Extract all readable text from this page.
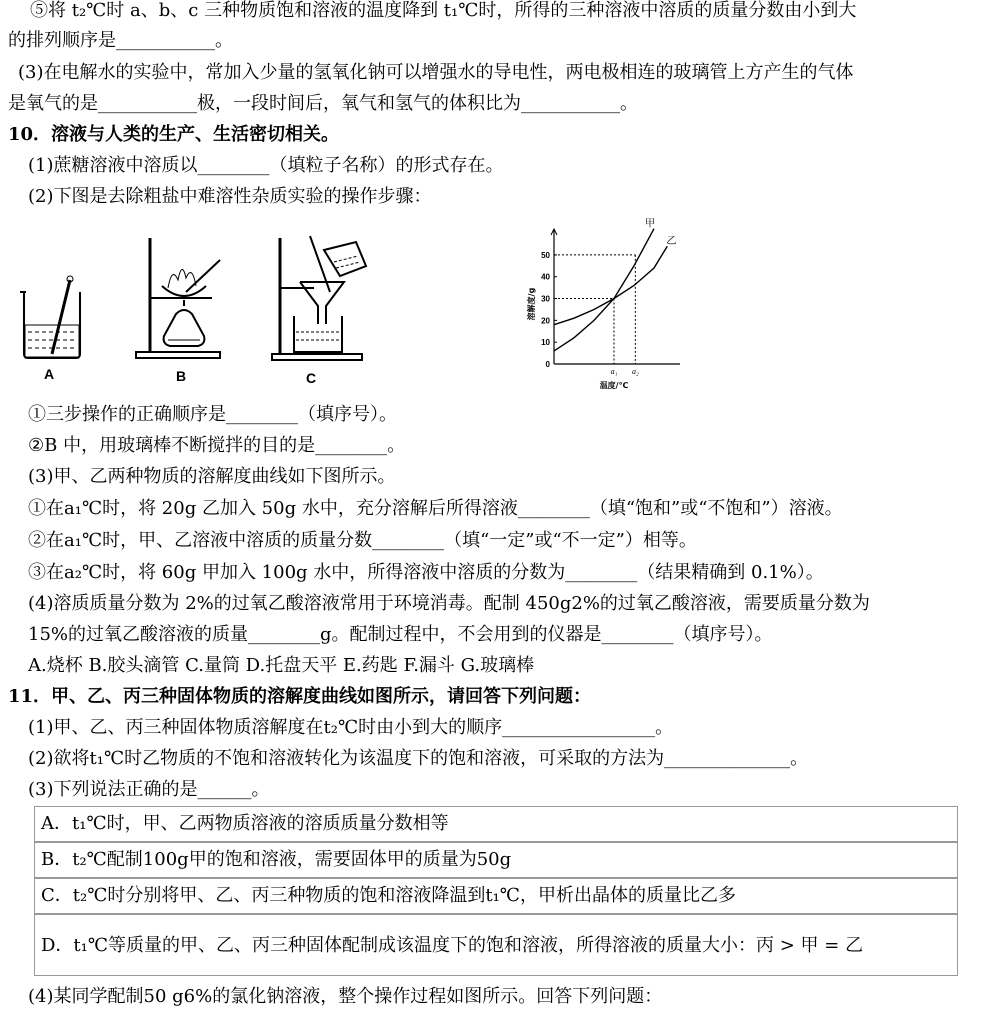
⑤将 t₂℃时 a、b、c 三种物质饱和溶液的温度降到 t₁℃时，所得的三种溶液中溶质的质量分数由小到大
的排列顺序是___________。
(3)在电解水的实验中，常加入少量的氢氧化钠可以增强水的导电性，两电极相连的玻璃管上方产生的气体
是氧气的是___________极，一段时间后，氧气和氢气的体积比为___________。
10．溶液与人类的生产、生活密切相关。
(1)蔗糖溶液中溶质以________（填粒子名称）的形式存在。
(2)下图是去除粗盐中难溶性杂质实验的操作步骤：
A	B	C
0
10
20
30
40
50
a₁ a₂
甲
乙
温度/℃
溶解度/g
①三步操作的正确顺序是________（填序号）。
②B 中，用玻璃棒不断搅拌的目的是________。
(3)甲、乙两种物质的溶解度曲线如下图所示。
①在a₁℃时，将 20g 乙加入 50g 水中，充分溶解后所得溶液________（填“饱和”或“不饱和”）溶液。
②在a₁℃时，甲、乙溶液中溶质的质量分数________（填“一定”或“不一定”）相等。
③在a₂℃时，将 60g 甲加入 100g 水中，所得溶液中溶质的分数为________（结果精确到 0.1%）。
(4)溶质质量分数为 2%的过氧乙酸溶液常用于环境消毒。配制 450g2%的过氧乙酸溶液，需要质量分数为
15%的过氧乙酸溶液的质量________g。配制过程中，不会用到的仪器是________（填序号）。
A.烧杯 B.胶头滴管 C.量筒 D.托盘天平 E.药匙 F.漏斗 G.玻璃棒
11．甲、乙、丙三种固体物质的溶解度曲线如图所示，请回答下列问题：
(1)甲、乙、丙三种固体物质溶解度在t₂℃时由小到大的顺序_________________。
(2)欲将t₁℃时乙物质的不饱和溶液转化为该温度下的饱和溶液，可采取的方法为______________。
(3)下列说法正确的是______。
A．t₁℃时，甲、乙两物质溶液的溶质质量分数相等
B．t₂℃配制100g甲的饱和溶液，需要固体甲的质量为50g
C．t₂℃时分别将甲、乙、丙三种物质的饱和溶液降温到t₁℃，甲析出晶体的质量比乙多
D．t₁℃等质量的甲、乙、丙三种固体配制成该温度下的饱和溶液，所得溶液的质量大小：丙 > 甲 = 乙
(4)某同学配制50 g6%的氯化钠溶液，整个操作过程如图所示。回答下列问题：
